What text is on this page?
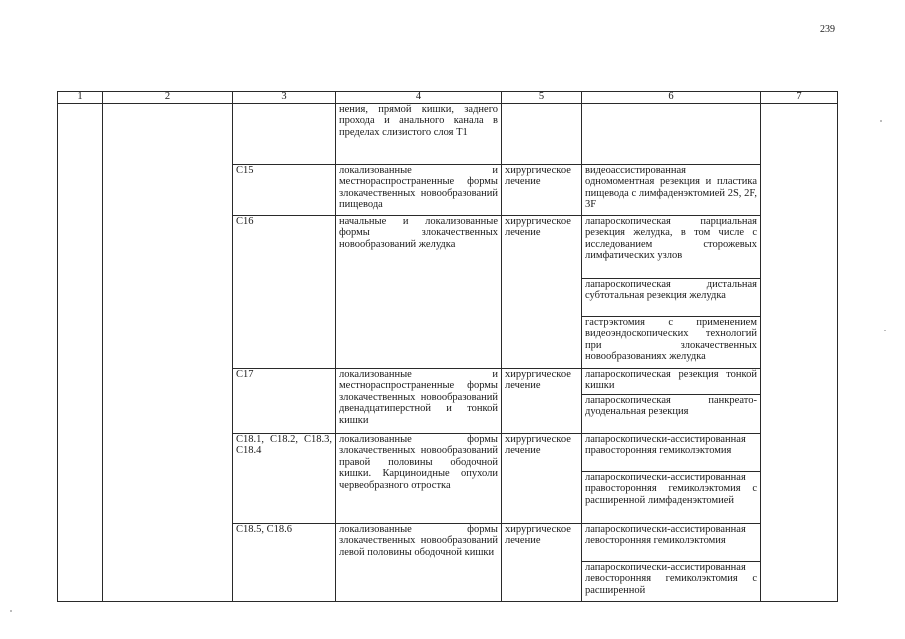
239
1	2	3	4	5	6	7
			нения, прямой кишки, заднего прохода и анального канала в пределах слизистого слоя T1			
		C15	локализованные и местнораспространенные формы злокачественных новообразований пищевода	хирургическое лечение	видеоассистированная одномоментная резекция и пластика пищевода с лимфаденэктомией 2S, 2F, 3F	
		C16	начальные и локализованные формы злокачественных новообразований желудка	хирургическое лечение	лапароскопическая парциальная резекция желудка, в том числе с исследованием сторожевых лимфатических узлов	
					лапароскопическая дистальная субтотальная резекция желудка	
					гастрэктомия с применением видеоэндоскопических технологий при злокачественных новообразованиях желудка	
		C17	локализованные и местнораспространенные формы злокачественных новообразований двенадцатиперстной и тонкой кишки	хирургическое лечение	лапароскопическая резекция тонкой кишки	
					лапароскопическая панкреато-дуоденальная резекция	
		C18.1, C18.2, C18.3, C18.4	локализованные формы злокачественных новообразований правой половины ободочной кишки. Карциноидные опухоли червеобразного отростка	хирургическое лечение	лапароскопически-ассистированная правосторонняя гемиколэктомия	
					лапароскопически-ассистированная правосторонняя гемиколэктомия с расширенной лимфаденэктомией	
		C18.5, C18.6	локализованные формы злокачественных новообразований левой половины ободочной кишки	хирургическое лечение	лапароскопически-ассистированная левосторонняя гемиколэктомия	
					лапароскопически-ассистированная левосторонняя гемиколэктомия с расширенной	
